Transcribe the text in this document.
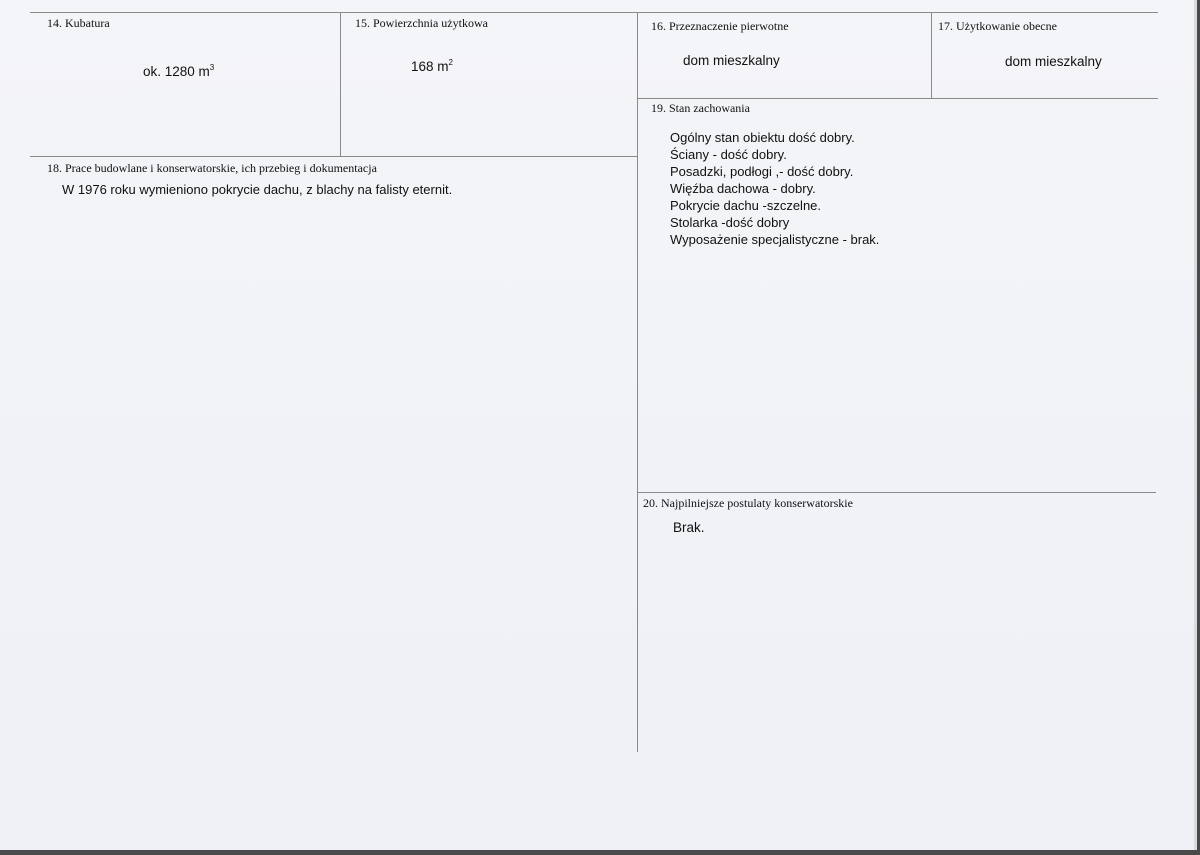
14. Kubatura
ok. 1280 $m^3$
15. Powierzchnia użytkowa
168 $m^2$
16. Przeznaczenie pierwotne
dom mieszkalny
17. Użytkowanie obecne
dom mieszkalny
19. Stan zachowania
Ogólny stan obiektu dość dobry.
Ściany - dość dobry.
Posadzki, podłogi ,- dość dobry.
Więźba dachowa - dobry.
Pokrycie dachu -szczelne.
Stolarka -dość dobry
Wyposażenie specjalistyczne - brak.
18. Prace budowlane i konserwatorskie, ich przebieg i dokumentacja
W 1976 roku wymieniono pokrycie dachu, z blachy na falisty eternit.
20. Najpilniejsze postulaty konserwatorskie
Brak.
